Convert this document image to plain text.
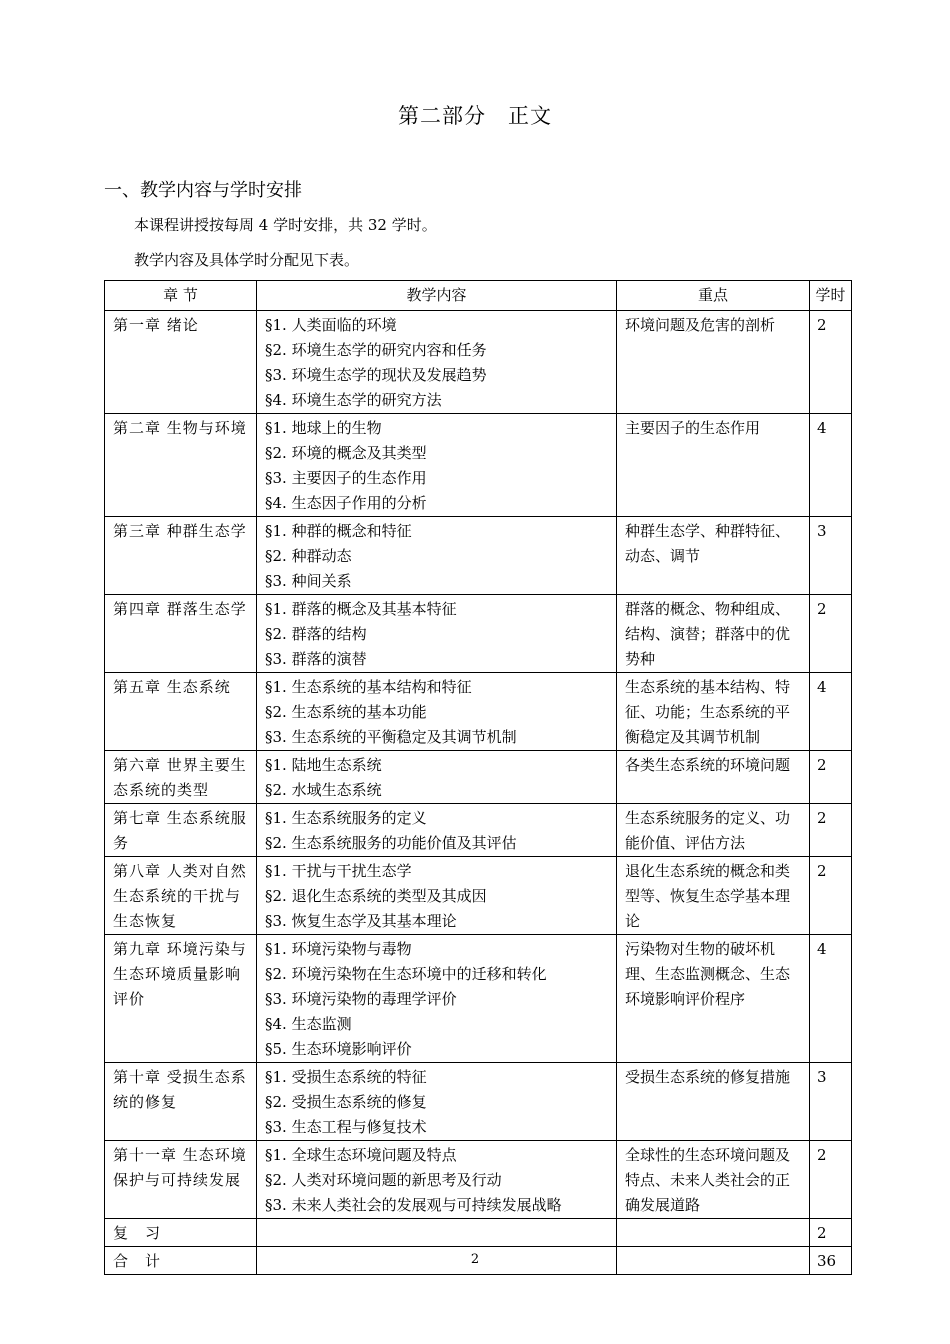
第二部分　正文
一、教学内容与学时安排
本课程讲授按每周 4 学时安排，共 32 学时。
教学内容及具体学时分配见下表。
章 节	教学内容	重点	学时
第一章 绪论	§1. 人类面临的环境
§2. 环境生态学的研究内容和任务
§3. 环境生态学的现状及发展趋势
§4. 环境生态学的研究方法	环境问题及危害的剖析	2
第二章 生物与环境	§1. 地球上的生物
§2. 环境的概念及其类型
§3. 主要因子的生态作用
§4. 生态因子作用的分析	主要因子的生态作用	4
第三章 种群生态学	§1. 种群的概念和特征
§2. 种群动态
§3. 种间关系	种群生态学、种群特征、动态、调节	3
第四章 群落生态学	§1. 群落的概念及其基本特征
§2. 群落的结构
§3. 群落的演替	群落的概念、物种组成、结构、演替；群落中的优势种	2
第五章 生态系统	§1. 生态系统的基本结构和特征
§2. 生态系统的基本功能
§3. 生态系统的平衡稳定及其调节机制	生态系统的基本结构、特征、功能；生态系统的平衡稳定及其调节机制	4
第六章 世界主要生态系统的类型	§1. 陆地生态系统
§2. 水域生态系统	各类生态系统的环境问题	2
第七章 生态系统服务	§1. 生态系统服务的定义
§2. 生态系统服务的功能价值及其评估	生态系统服务的定义、功能价值、评估方法	2
第八章 人类对自然生态系统的干扰与生态恢复	§1. 干扰与干扰生态学
§2. 退化生态系统的类型及其成因
§3. 恢复生态学及其基本理论	退化生态系统的概念和类型等、恢复生态学基本理论	2
第九章 环境污染与生态环境质量影响评价	§1. 环境污染物与毒物
§2. 环境污染物在生态环境中的迁移和转化
§3. 环境污染物的毒理学评价
§4. 生态监测
§5. 生态环境影响评价	污染物对生物的破坏机理、生态监测概念、生态环境影响评价程序	4
第十章 受损生态系统的修复	§1. 受损生态系统的特征
§2. 受损生态系统的修复
§3. 生态工程与修复技术	受损生态系统的修复措施	3
第十一章 生态环境保护与可持续发展	§1. 全球生态环境问题及特点
§2. 人类对环境问题的新思考及行动
§3. 未来人类社会的发展观与可持续发展战略	全球性的生态环境问题及特点、未来人类社会的正确发展道路	2
复　习			2
合　计			36
2
